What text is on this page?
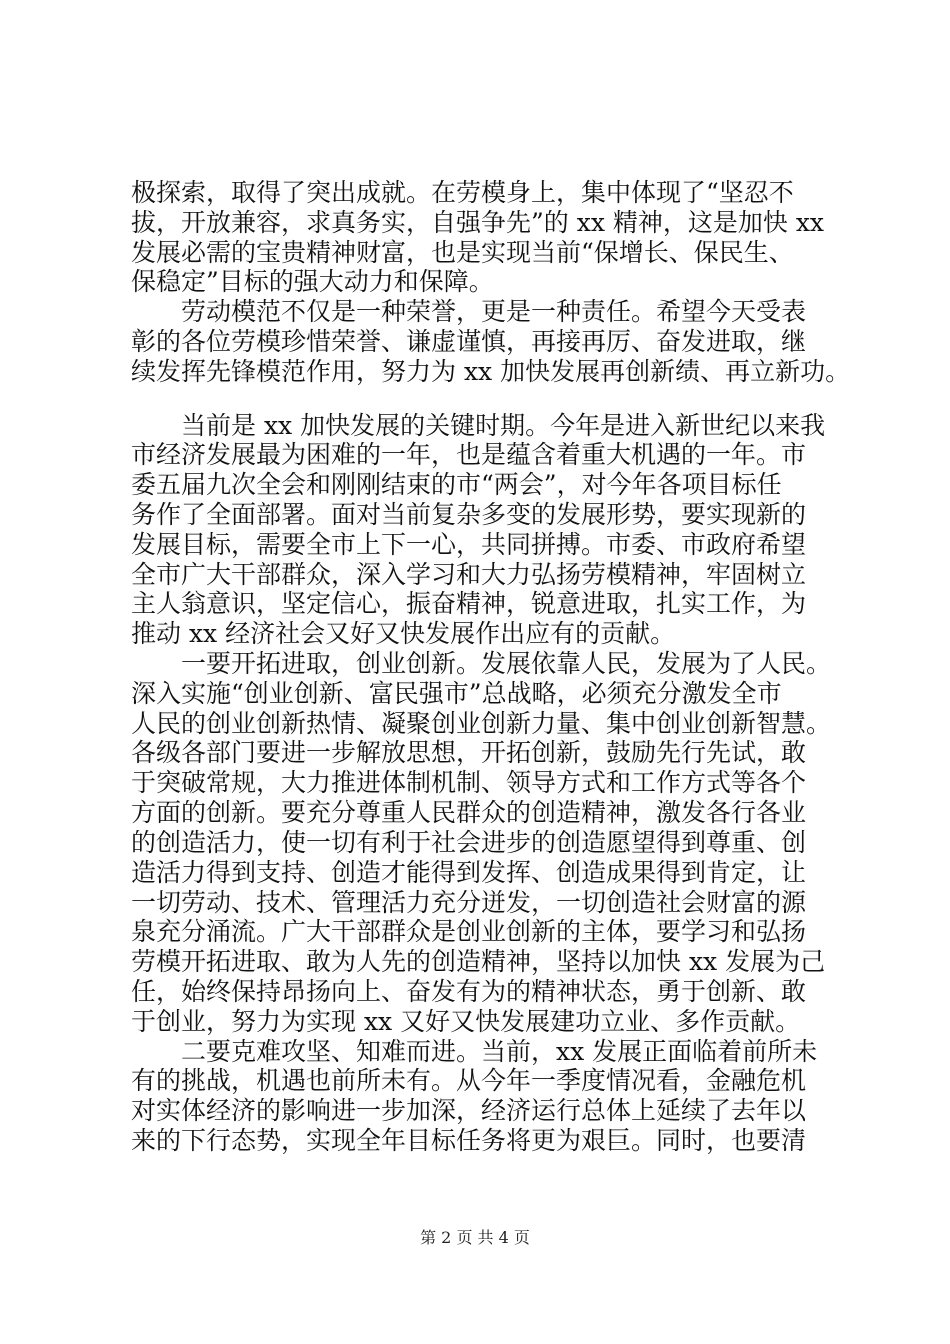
极探索，取得了突出成就。在劳模身上，集中体现了“坚忍不

拔，开放兼容，求真务实，自强争先”的 xx 精神，这是加快 xx

发展必需的宝贵精神财富，也是实现当前“保增长、保民生、

保稳定”目标的强大动力和保障。

　　劳动模范不仅是一种荣誉，更是一种责任。希望今天受表

彰的各位劳模珍惜荣誉、谦虚谨慎，再接再厉、奋发进取，继

续发挥先锋模范作用，努力为 xx 加快发展再创新绩、再立新功。

　　当前是 xx 加快发展的关键时期。今年是进入新世纪以来我

市经济发展最为困难的一年，也是蕴含着重大机遇的一年。市

委五届九次全会和刚刚结束的市“两会”，对今年各项目标任

务作了全面部署。面对当前复杂多变的发展形势，要实现新的

发展目标，需要全市上下一心，共同拼搏。市委、市政府希望

全市广大干部群众，深入学习和大力弘扬劳模精神，牢固树立

主人翁意识，坚定信心，振奋精神，锐意进取，扎实工作，为

推动 xx 经济社会又好又快发展作出应有的贡献。

　　一要开拓进取，创业创新。发展依靠人民，发展为了人民。

深入实施“创业创新、富民强市”总战略，必须充分激发全市

人民的创业创新热情、凝聚创业创新力量、集中创业创新智慧。

各级各部门要进一步解放思想，开拓创新，鼓励先行先试，敢

于突破常规，大力推进体制机制、领导方式和工作方式等各个

方面的创新。要充分尊重人民群众的创造精神，激发各行各业

的创造活力，使一切有利于社会进步的创造愿望得到尊重、创

造活力得到支持、创造才能得到发挥、创造成果得到肯定，让

一切劳动、技术、管理活力充分迸发，一切创造社会财富的源

泉充分涌流。广大干部群众是创业创新的主体，要学习和弘扬

劳模开拓进取、敢为人先的创造精神，坚持以加快 xx 发展为己

任，始终保持昂扬向上、奋发有为的精神状态，勇于创新、敢

于创业，努力为实现 xx 又好又快发展建功立业、多作贡献。

　　二要克难攻坚、知难而进。当前，xx 发展正面临着前所未

有的挑战，机遇也前所未有。从今年一季度情况看，金融危机

对实体经济的影响进一步加深，经济运行总体上延续了去年以

来的下行态势，实现全年目标任务将更为艰巨。同时，也要清

第 2 页 共 4 页
